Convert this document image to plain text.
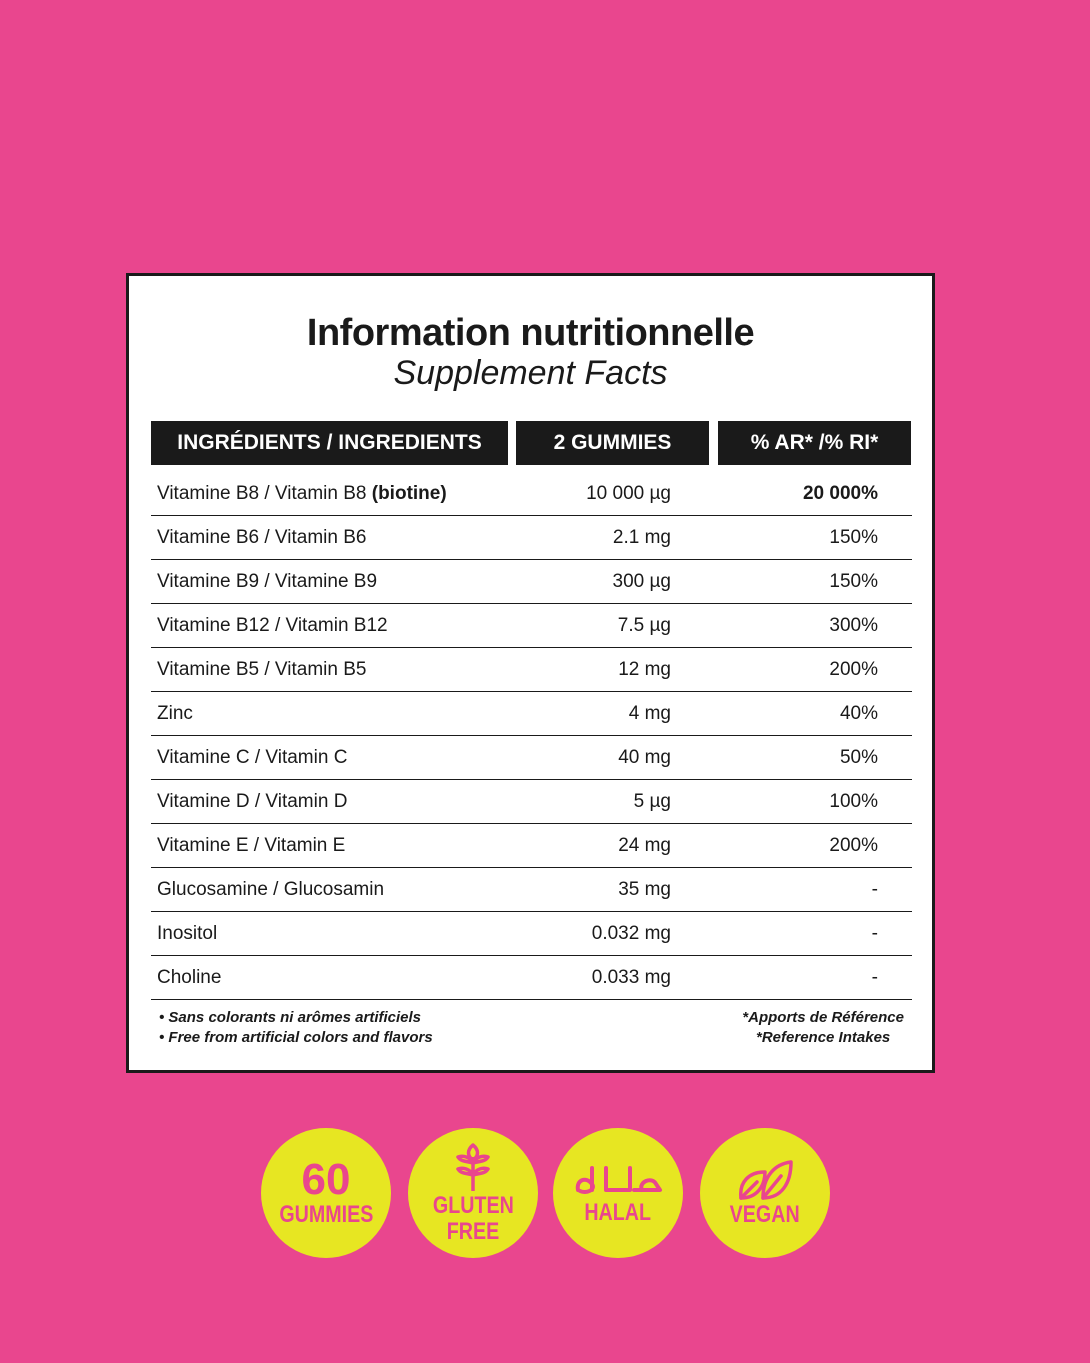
Information nutritionnelle
Supplement Facts
INGRÉDIENTS / INGREDIENTS	2 GUMMIES	% AR* /% RI*
Vitamine B8 / Vitamin B8 (biotine)	10 000 µg	20 000%
Vitamine B6 / Vitamin B6	2.1 mg	150%
Vitamine B9 / Vitamine B9	300 µg	150%
Vitamine B12 / Vitamin B12	7.5 µg	300%
Vitamine B5 / Vitamin B5	12 mg	200%
Zinc	4 mg	40%
Vitamine C / Vitamin C	40 mg	50%
Vitamine D / Vitamin D	5 µg	100%
Vitamine E / Vitamin E	24 mg	200%
Glucosamine / Glucosamin	35 mg	-
Inositol	0.032 mg	-
Choline	0.033 mg	-
• Sans colorants ni arômes artificiels
• Free from artificial colors and flavors
*Apports de Référence
*Reference Intakes
60
GUMMIES GLUTEN
FREE
HALAL	VEGAN
